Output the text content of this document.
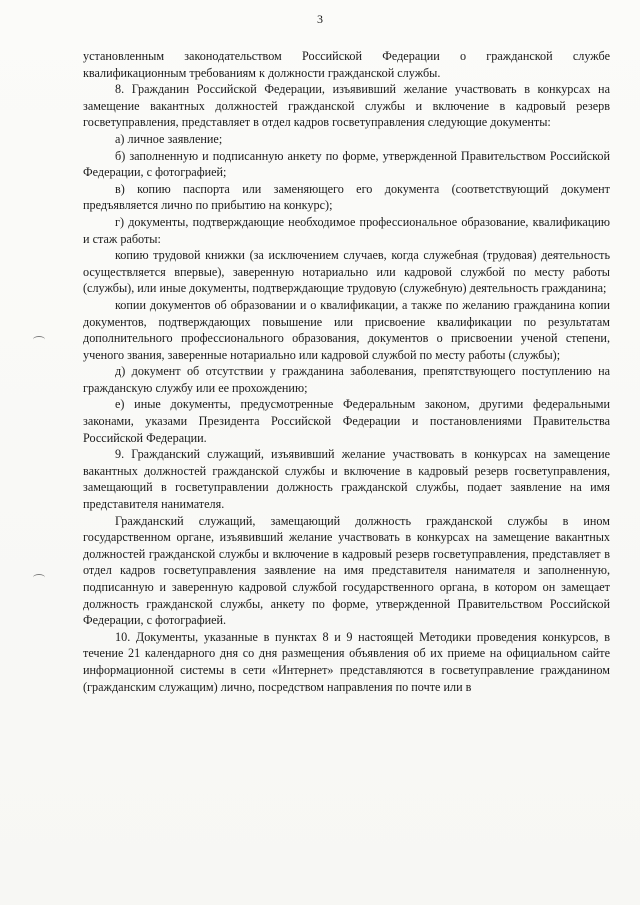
3

установленным законодательством Российской Федерации о гражданской службе квалификационным требованиям к должности гражданской службы.

8. Гражданин Российской Федерации, изъявивший желание участвовать в конкурсах на замещение вакантных должностей гражданской службы и включение в кадровый резерв госветуправления, представляет в отдел кадров госветуправления следующие документы:

а) личное заявление;

б) заполненную и подписанную анкету по форме, утвержденной Правительством Российской Федерации, с фотографией;

в) копию паспорта или заменяющего его документа (соответствующий документ предъявляется лично по прибытию на конкурс);

г) документы, подтверждающие необходимое профессиональное образование, квалификацию и стаж работы:

копию трудовой книжки (за исключением случаев, когда служебная (трудовая) деятельность осуществляется впервые), заверенную нотариально или кадровой службой по месту работы (службы), или иные документы, подтверждающие трудовую (служебную) деятельность гражданина;

копии документов об образовании и о квалификации, а также по желанию гражданина копии документов, подтверждающих повышение или присвоение квалификации по результатам дополнительного профессионального образования, документов о присвоении ученой степени, ученого звания, заверенные нотариально или кадровой службой по месту работы (службы);

д) документ об отсутствии у гражданина заболевания, препятствующего поступлению на гражданскую службу или ее прохождению;

е) иные документы, предусмотренные Федеральным законом, другими федеральными законами, указами Президента Российской Федерации и постановлениями Правительства Российской Федерации.

9. Гражданский служащий, изъявивший желание участвовать в конкурсах на замещение вакантных должностей гражданской службы и включение в кадровый резерв госветуправления, замещающий в госветуправлении должность гражданской службы, подает заявление на имя представителя нанимателя.

Гражданский служащий, замещающий должность гражданской службы в ином государственном органе, изъявивший желание участвовать в конкурсах на замещение вакантных должностей гражданской службы и включение в кадровый резерв госветуправления, представляет в отдел кадров госветуправления заявление на имя представителя нанимателя и заполненную, подписанную и заверенную кадровой службой государственного органа, в котором он замещает должность гражданской службы, анкету по форме, утвержденной Правительством Российской Федерации, с фотографией.

10. Документы, указанные в пунктах 8 и 9 настоящей Методики проведения конкурсов, в течение 21 календарного дня со дня размещения объявления об их приеме на официальном сайте информационной системы в сети «Интернет» представляются в госветуправление гражданином (гражданским служащим) лично, посредством направления по почте или в
